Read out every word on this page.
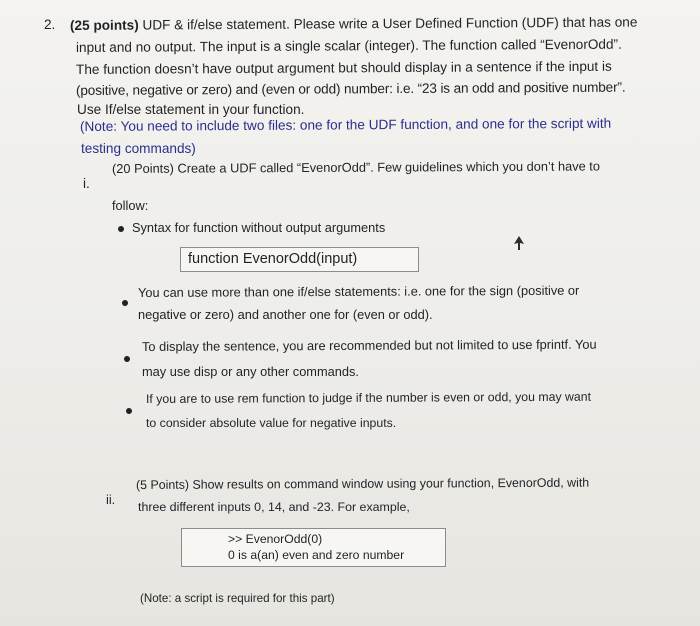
2. (25 points) UDF & if/else statement. Please write a User Defined Function (UDF) that has one
input and no output. The input is a single scalar (integer). The function called “EvenorOdd”.
The function doesn’t have output argument but should display in a sentence if the input is
(positive, negative or zero) and (even or odd) number: i.e. “23 is an odd and positive number”.
Use If/else statement in your function.
(Note: You need to include two files: one for the UDF function, and one for the script with
testing commands)
i.
(20 Points) Create a UDF called “EvenorOdd”. Few guidelines which you don’t have to
follow:
Syntax for function without output arguments
function EvenorOdd(input)
You can use more than one if/else statements: i.e. one for the sign (positive or
negative or zero) and another one for (even or odd).
To display the sentence, you are recommended but not limited to use fprintf. You
may use disp or any other commands.
If you are to use rem function to judge if the number is even or odd, you may want
to consider absolute value for negative inputs.
ii.
(5 Points) Show results on command window using your function, EvenorOdd, with
three different inputs 0, 14, and -23. For example,
>> EvenorOdd(0)
0 is a(an) even and zero number
(Note: a script is required for this part)
